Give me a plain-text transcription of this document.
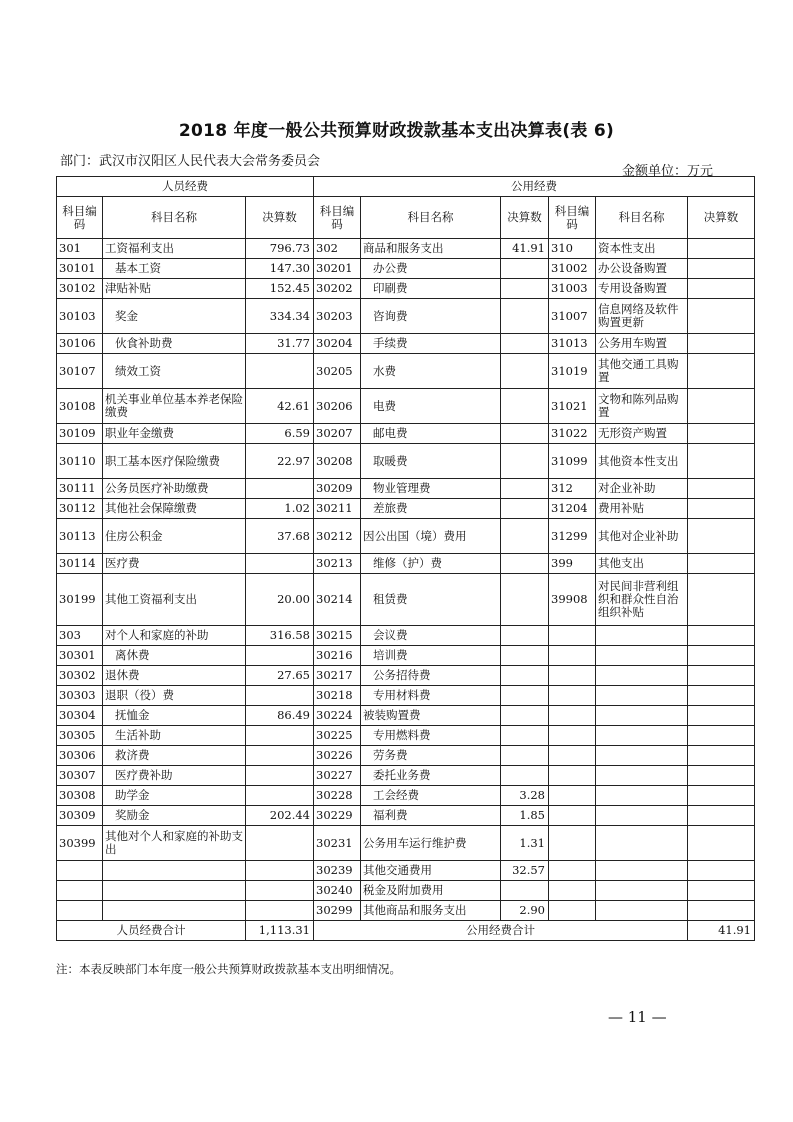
2018 年度一般公共预算财政拨款基本支出决算表(表 6)
部门：武汉市汉阳区人民代表大会常务委员会
金额单位：万元
人员经费			公用经费					
科目编码	科目名称	决算数	科目编码	科目名称	决算数	科目编码	科目名称	决算数
301	工资福利支出	796.73	302	商品和服务支出	41.91	310	资本性支出	
30101	基本工资	147.30	30201	办公费		31002	办公设备购置	
30102	津贴补贴	152.45	30202	印刷费		31003	专用设备购置	
30103	奖金	334.34	30203	咨询费		31007	信息网络及软件购置更新	
30106	伙食补助费	31.77	30204	手续费		31013	公务用车购置	
30107	绩效工资		30205	水费		31019	其他交通工具购置	
30108	机关事业单位基本养老保险缴费	42.61	30206	电费		31021	文物和陈列品购置	
30109	职业年金缴费	6.59	30207	邮电费		31022	无形资产购置	
30110	职工基本医疗保险缴费	22.97	30208	取暖费		31099	其他资本性支出	
30111	公务员医疗补助缴费		30209	物业管理费		312	对企业补助	
30112	其他社会保障缴费	1.02	30211	差旅费		31204	费用补贴	
30113	住房公积金	37.68	30212	因公出国（境）费用		31299	其他对企业补助	
30114	医疗费		30213	维修（护）费		399	其他支出	
30199	其他工资福利支出	20.00	30214	租赁费		39908	对民间非营利组织和群众性自治组织补贴	
303	对个人和家庭的补助	316.58	30215	会议费				
30301	离休费		30216	培训费				
30302	退休费	27.65	30217	公务招待费				
30303	退职（役）费		30218	专用材料费				
30304	抚恤金	86.49	30224	被装购置费				
30305	生活补助		30225	专用燃料费				
30306	救济费		30226	劳务费				
30307	医疗费补助		30227	委托业务费				
30308	助学金		30228	工会经费	3.28			
30309	奖励金	202.44	30229	福利费	1.85			
30399	其他对个人和家庭的补助支出		30231	公务用车运行维护费	1.31			
			30239	其他交通费用	32.57			
			30240	税金及附加费用				
			30299	其他商品和服务支出	2.90			
人员经费合计		1,113.31	公用经费合计					41.91
注：本表反映部门本年度一般公共预算财政拨款基本支出明细情况。
— 11 —
